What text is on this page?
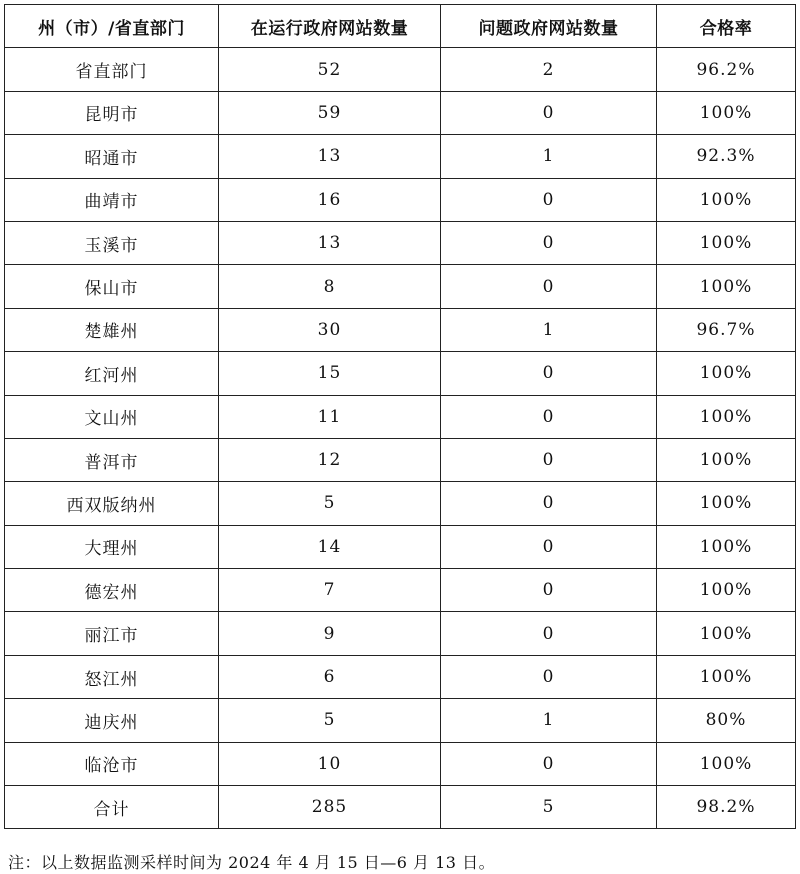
州（市）/省直部门	在运行政府网站数量	问题政府网站数量	合格率
省直部门	52	2	96.2%
昆明市	59	0	100%
昭通市	13	1	92.3%
曲靖市	16	0	100%
玉溪市	13	0	100%
保山市	8	0	100%
楚雄州	30	1	96.7%
红河州	15	0	100%
文山州	11	0	100%
普洱市	12	0	100%
西双版纳州	5	0	100%
大理州	14	0	100%
德宏州	7	0	100%
丽江市	9	0	100%
怒江州	6	0	100%
迪庆州	5	1	80%
临沧市	10	0	100%
合计	285	5	98.2%
注：以上数据监测采样时间为 2024 年 4 月 15 日—6 月 13 日。
